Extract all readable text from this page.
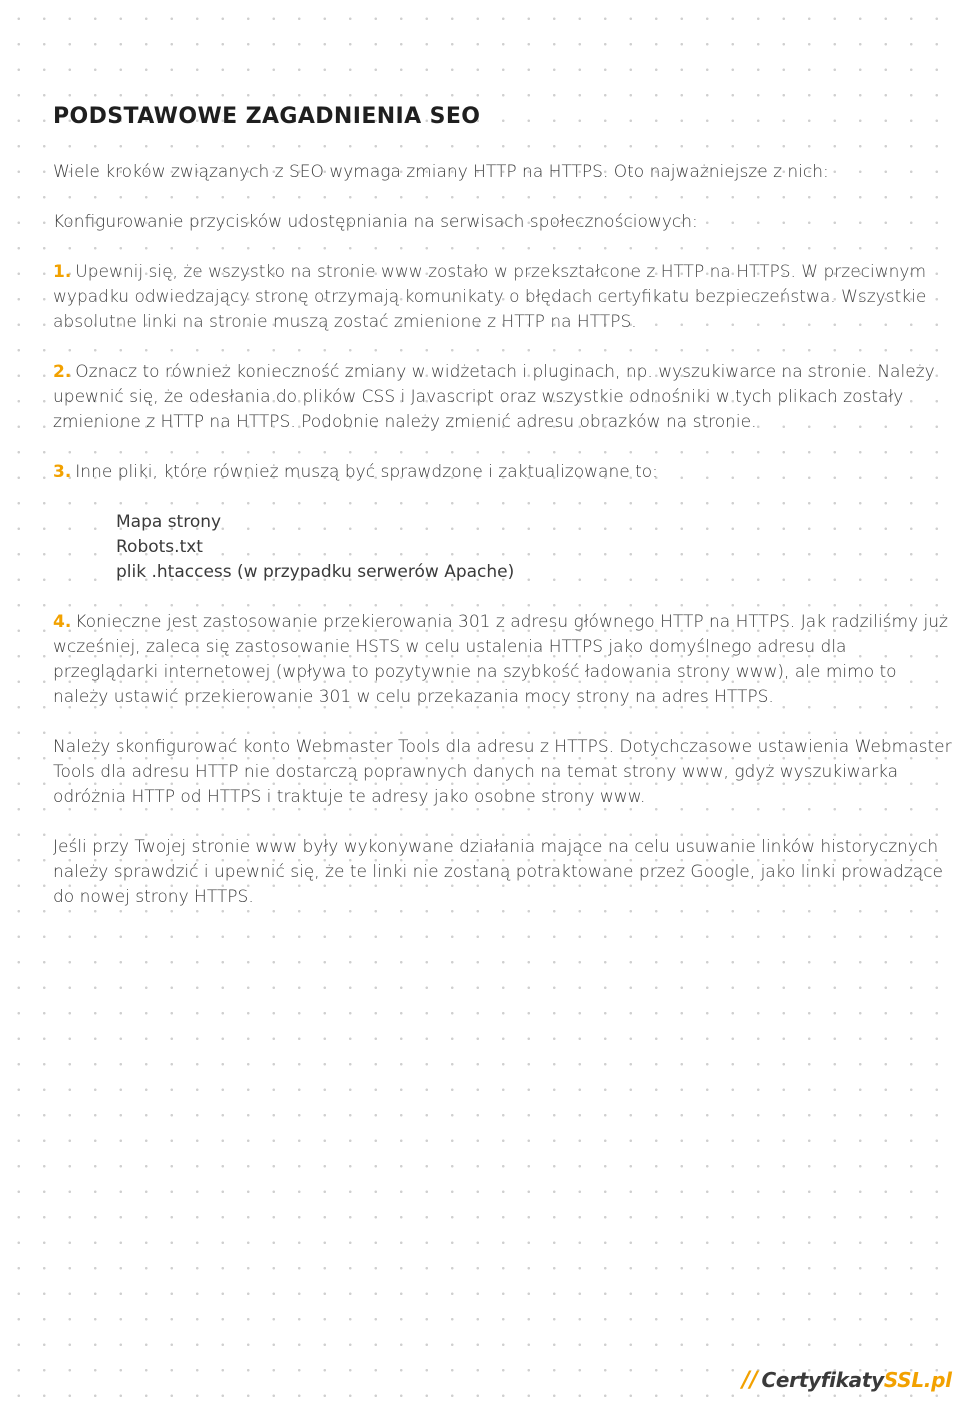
PODSTAWOWE ZAGADNIENIA SEO

Wiele kroków związanych z SEO wymaga zmiany HTTP na HTTPS. Oto najważniejsze z nich:

Konfigurowanie przycisków udostępniania na serwisach społecznościowych:

1. Upewnij się, że wszystko na stronie www zostało w przekształcone z HTTP na HTTPS. W przeciwnym wypadku odwiedzający stronę otrzymają komunikaty o błędach certyfikatu bezpieczeństwa. Wszystkie absolutne linki na stronie muszą zostać zmienione z HTTP na HTTPS.

2. Oznacz to również konieczność zmiany w widżetach i pluginach, np. wyszukiwarce na stronie. Należy upewnić się, że odesłania do plików CSS i Javascript oraz wszystkie odnośniki w tych plikach zostały zmienione z HTTP na HTTPS. Podobnie należy zmienić adresu obrazków na stronie.

3. Inne pliki, które również muszą być sprawdzone i zaktualizowane to:

Mapa strony
Robots.txt
plik .htaccess (w przypadku serwerów Apache)

4. Konieczne jest zastosowanie przekierowania 301 z adresu głównego HTTP na HTTPS. Jak radziliśmy już wcześniej, zaleca się zastosowanie HSTS w celu ustalenia HTTPS jako domyślnego adresu dla przeglądarki internetowej (wpływa to pozytywnie na szybkość ładowania strony www), ale mimo to należy ustawić przekierowanie 301 w celu przekazania mocy strony na adres HTTPS.

Należy skonfigurować konto Webmaster Tools dla adresu z HTTPS. Dotychczasowe ustawienia Webmaster Tools dla adresu HTTP nie dostarczą poprawnych danych na temat strony www, gdyż wyszukiwarka odróżnia HTTP od HTTPS i traktuje te adresy jako osobne strony www.

Jeśli przy Twojej stronie www były wykonywane działania mające na celu usuwanie linków historycznych należy sprawdzić i upewnić się, że te linki nie zostaną potraktowane przez Google, jako linki prowadzące do nowej strony HTTPS.

// Certyfikaty SSL.pl
